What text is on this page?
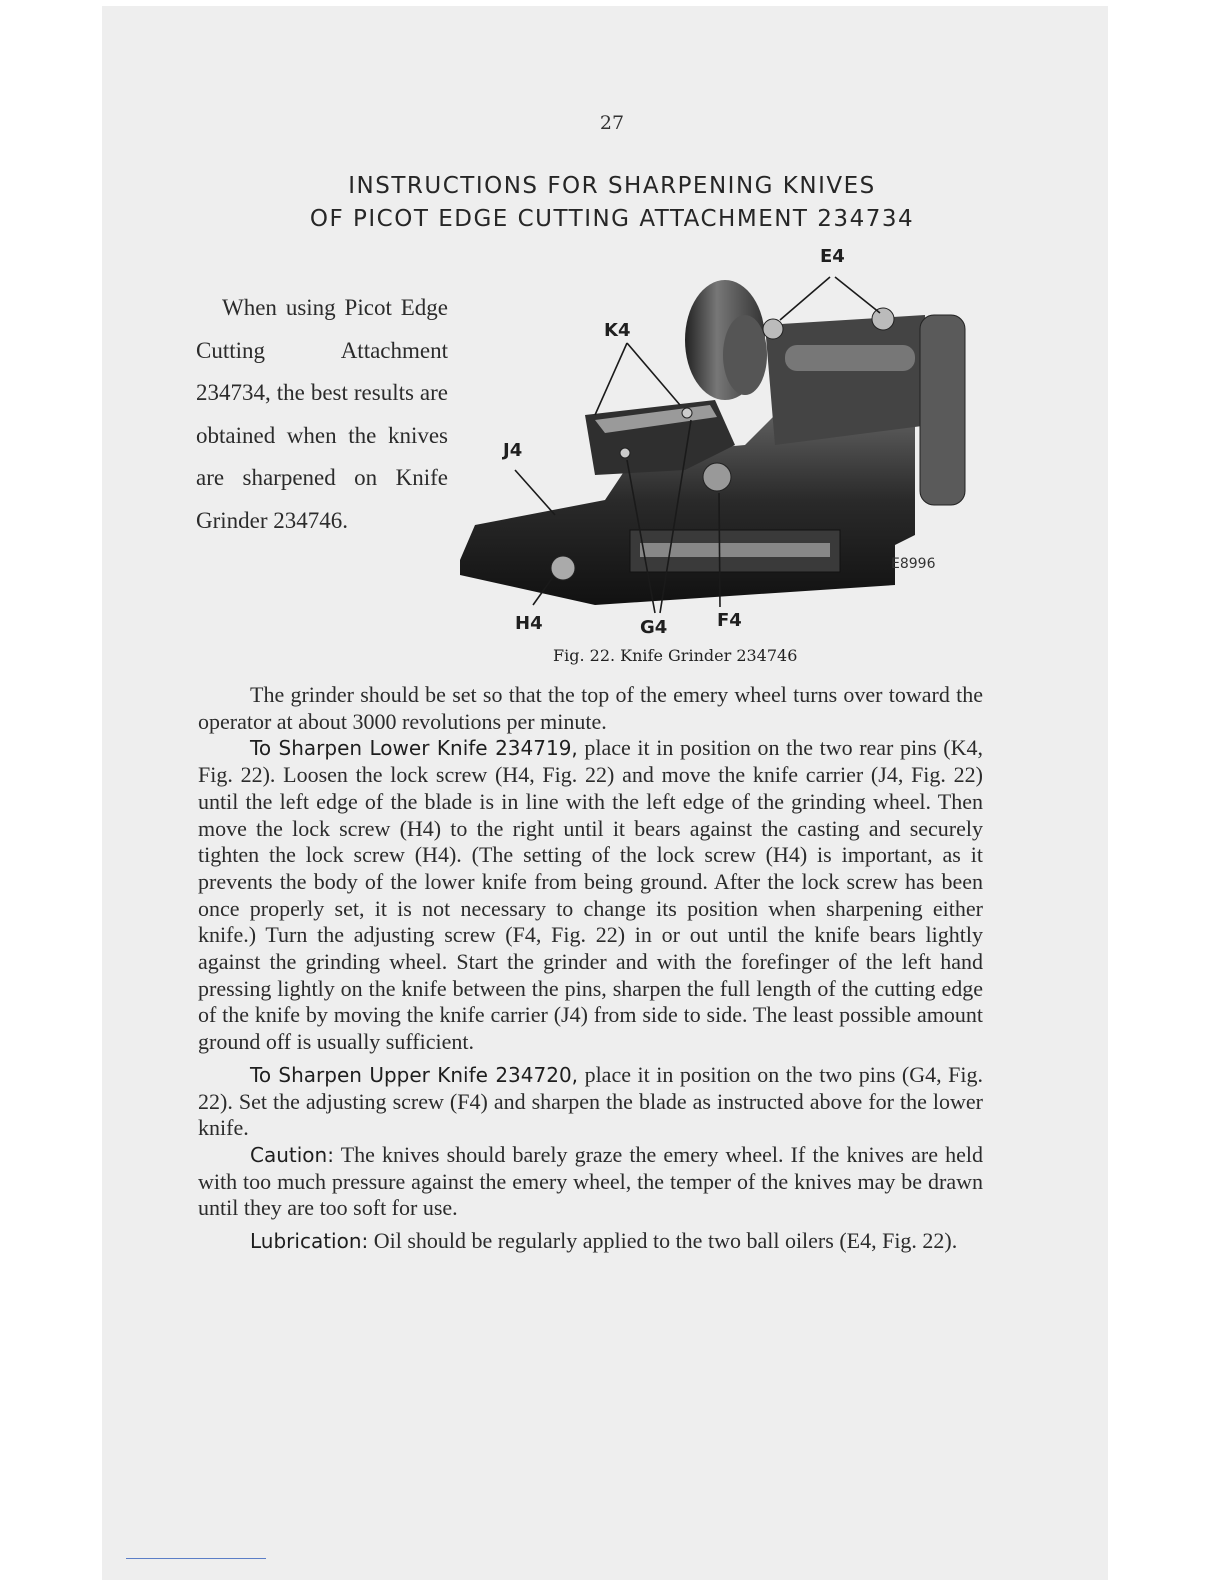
27
INSTRUCTIONS FOR SHARPENING KNIVES
OF PICOT EDGE CUTTING ATTACHMENT 234734
When using Picot Edge Cutting Attachment 234734, the best results are obtained when the knives are sharpened on Knife Grinder 234746.
E4
K4
J4
H4	G4	F4
E8996
Fig. 22. Knife Grinder 234746

The grinder should be set so that the top of the emery wheel turns over toward the operator at about 3000 revolutions per minute.

To Sharpen Lower Knife 234719, place it in position on the two rear pins (K4, Fig. 22). Loosen the lock screw (H4, Fig. 22) and move the knife carrier (J4, Fig. 22) until the left edge of the blade is in line with the left edge of the grinding wheel. Then move the lock screw (H4) to the right until it bears against the casting and securely tighten the lock screw (H4). (The setting of the lock screw (H4) is important, as it prevents the body of the lower knife from being ground. After the lock screw has been once properly set, it is not necessary to change its position when sharpening either knife.) Turn the adjusting screw (F4, Fig. 22) in or out until the knife bears lightly against the grinding wheel. Start the grinder and with the forefinger of the left hand pressing lightly on the knife between the pins, sharpen the full length of the cutting edge of the knife by moving the knife carrier (J4) from side to side. The least possible amount ground off is usually sufficient.

To Sharpen Upper Knife 234720, place it in position on the two pins (G4, Fig. 22). Set the adjusting screw (F4) and sharpen the blade as instructed above for the lower knife.

Caution: The knives should barely graze the emery wheel. If the knives are held with too much pressure against the emery wheel, the temper of the knives may be drawn until they are too soft for use.

Lubrication: Oil should be regularly applied to the two ball oilers (E4, Fig. 22).
